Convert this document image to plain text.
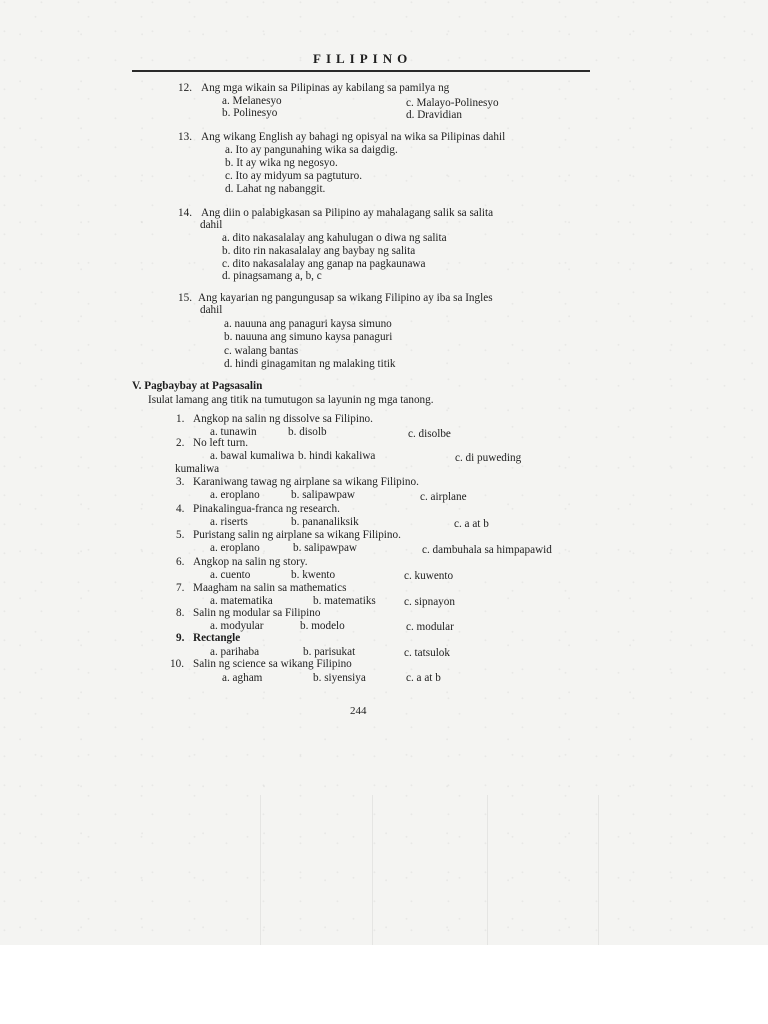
FILIPINO
12. Ang mga wikain sa Pilipinas ay kabilang sa pamilya ng
a. Melanesyo	c. Malayo-Polinesyo
b. Polinesyo	d. Dravidian
13. Ang wikang English ay bahagi ng opisyal na wika sa Pilipinas dahil
a. Ito ay pangunahing wika sa daigdig.
b. It ay wika ng negosyo.
c. Ito ay midyum sa pagtuturo.
d. Lahat ng nabanggit.
14. Ang diin o palabigkasan sa Pilipino ay mahalagang salik sa salita
dahil
a. dito nakasalalay ang kahulugan o diwa ng salita
b. dito rin nakasalalay ang baybay ng salita
c. dito nakasalalay ang ganap na pagkaunawa
d. pinagsamang a, b, c
15. Ang kayarian ng pangungusap sa wikang Filipino ay iba sa Ingles
dahil
a. nauuna ang panaguri kaysa simuno
b. nauuna ang simuno kaysa panaguri
c. walang bantas
d. hindi ginagamitan ng malaking titik
V. Pagbaybay at Pagsasalin
Isulat lamang ang titik na tumutugon sa layunin ng mga tanong.
1. Angkop na salin ng dissolve sa Filipino.
a. tunawin	b. disolb	c. disolbe
2. No left turn.
a. bawal kumaliwa b. hindi kakaliwa	c. di puweding
kumaliwa
3. Karaniwang tawag ng airplane sa wikang Filipino.
a. eroplano	b. salipawpaw	c. airplane
4. Pinakalingua-franca ng research.
a. riserts	b. pananaliksik	c. a at b
5. Puristang salin ng airplane sa wikang Filipino.
a. eroplano	b. salipawpaw	c. dambuhala sa himpapawid
6. Angkop na salin ng story.
a. cuento	b. kwento	c. kuwento
7. Maagham na salin sa mathematics
a. matematika	b. matematiks	c. sipnayon
8. Salin ng modular sa Filipino
a. modyular	b. modelo	c. modular
9. Rectangle
a. parihaba	b. parisukat	c. tatsulok
10. Salin ng science sa wikang Filipino
a. agham	b. siyensiya	c. a at b
244
